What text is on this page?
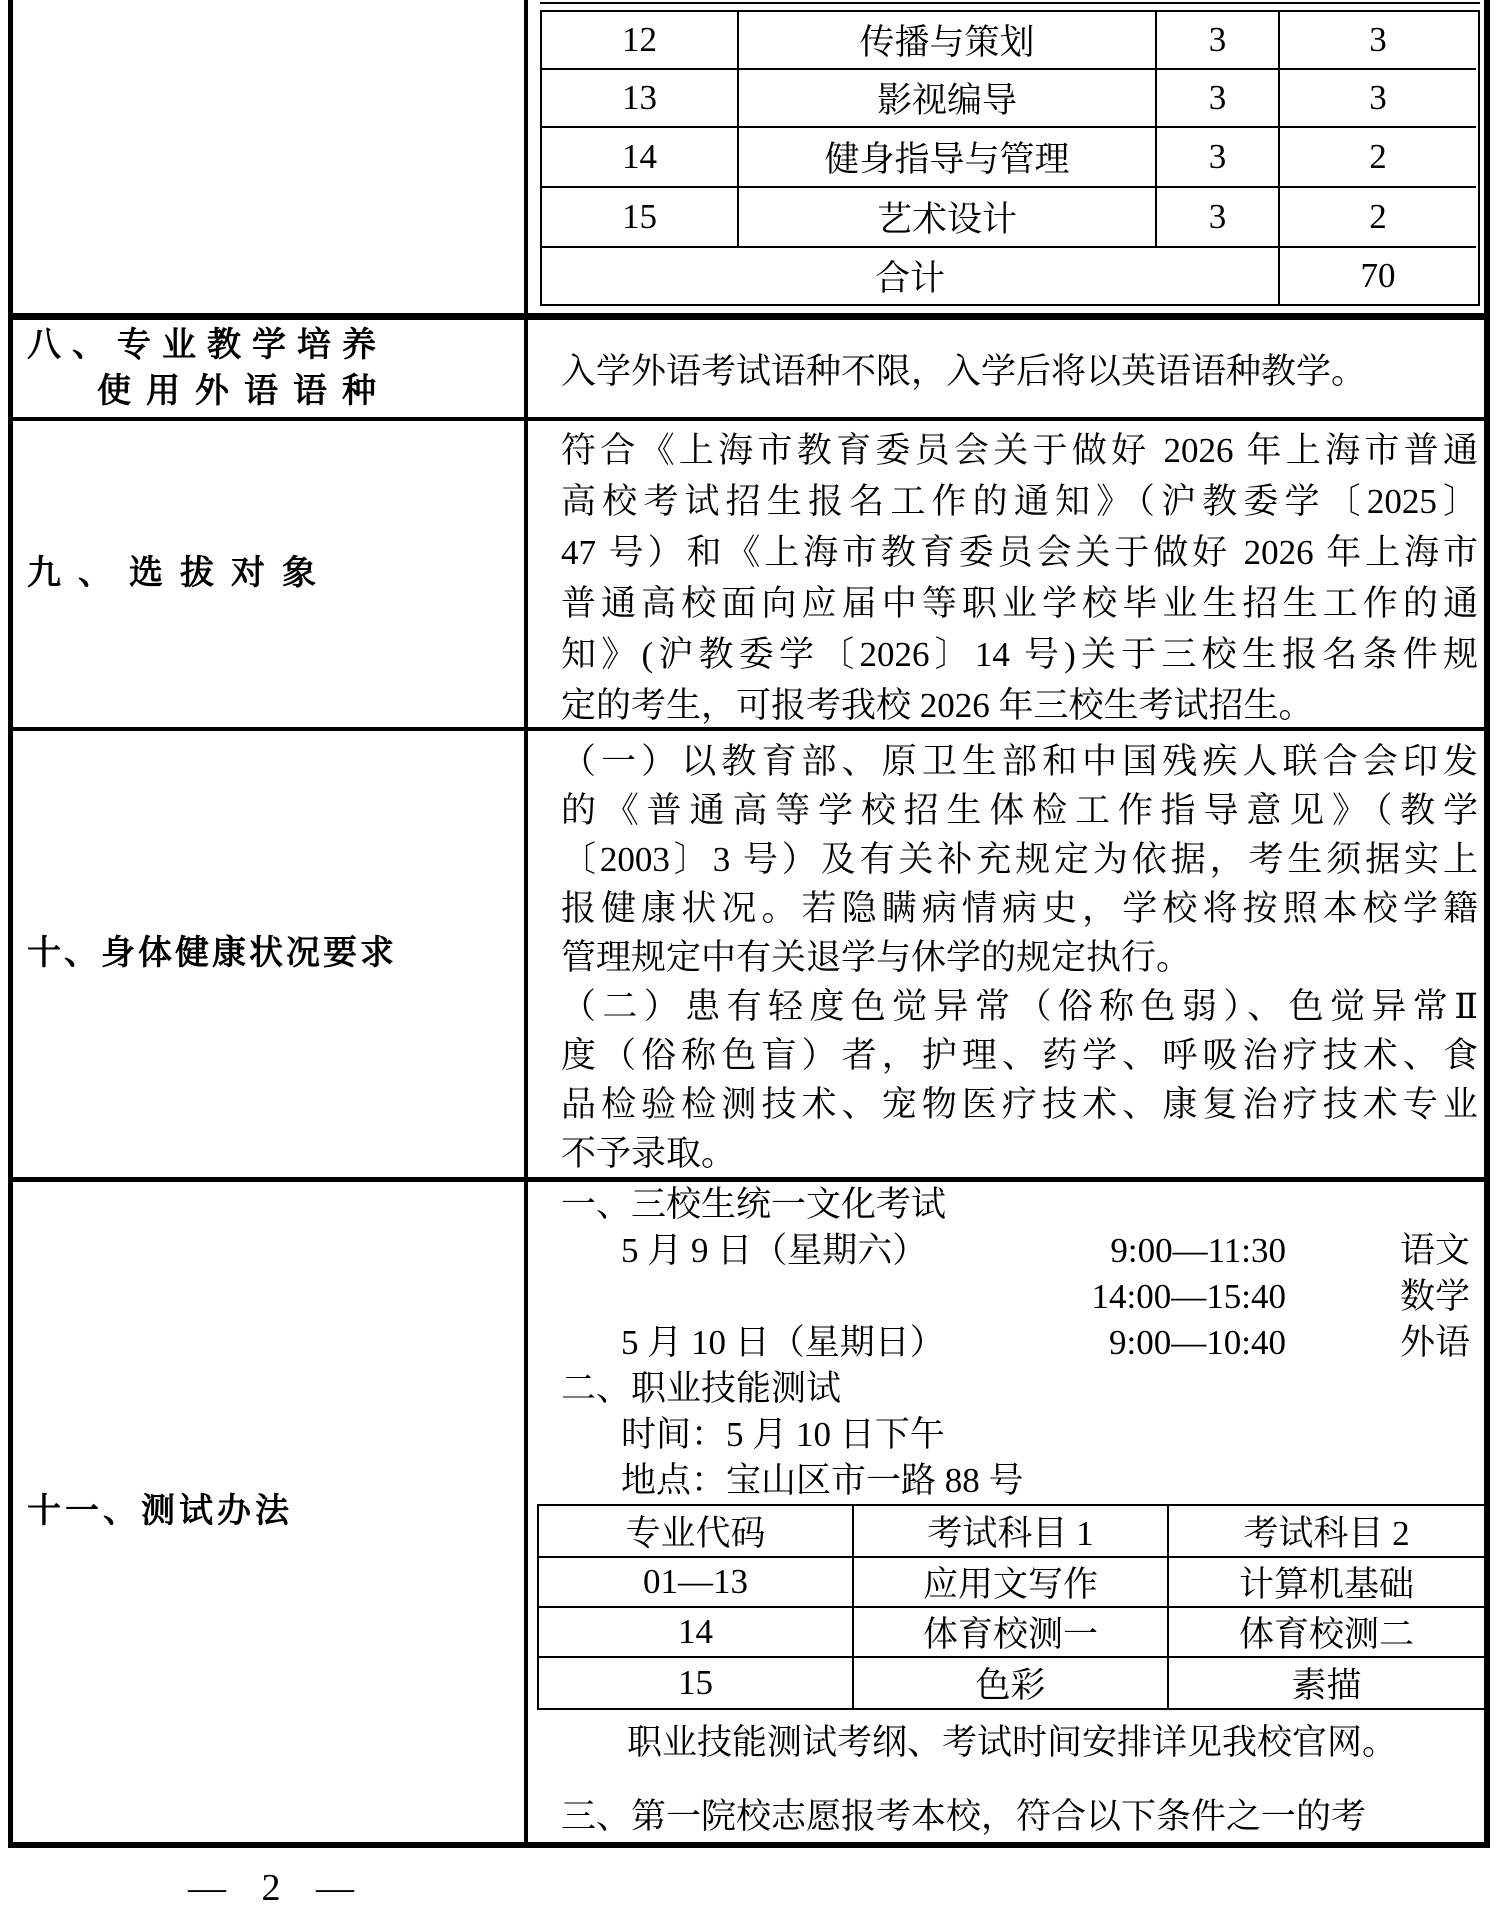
12	传播与策划	3	3
13	影视编导	3	3
14	健身指导与管理	3	2
15	艺术设计	3	2
合计	70
八、专业教学培养
使用外语语种
入学外语考试语种不限，入学后将以英语语种教学。
九、选拔对象
符合《上海市教育委员会关于做好 2026 年上海市普通
高校考试招生报名工作的通知》（沪教委学〔2025〕
47 号）和《上海市教育委员会关于做好 2026 年上海市
普通高校面向应届中等职业学校毕业生招生工作的通
知》(沪教委学〔2026〕14 号)关于三校生报名条件规
定的考生，可报考我校 2026 年三校生考试招生。
十、身体健康状况要求
（一）以教育部、原卫生部和中国残疾人联合会印发
的《普通高等学校招生体检工作指导意见》（教学
〔2003〕3 号）及有关补充规定为依据，考生须据实上
报健康状况。若隐瞒病情病史，学校将按照本校学籍
管理规定中有关退学与休学的规定执行。
（二）患有轻度色觉异常（俗称色弱）、色觉异常Ⅱ
度（俗称色盲）者，护理、药学、呼吸治疗技术、食
品检验检测技术、宠物医疗技术、康复治疗技术专业
不予录取。
十一、测试办法
一、三校生统一文化考试
5 月 9 日（星期六）	9:00—11:30	语文
14:00—15:40	数学
5 月 10 日（星期日）	9:00—10:40	外语
二、职业技能测试
时间：5 月 10 日下午
地点：宝山区市一路 88 号
专业代码	考试科目 1	考试科目 2
01—13	应用文写作	计算机基础
14	体育校测一	体育校测二
15	色彩	素描
职业技能测试考纲、考试时间安排详见我校官网。
三、第一院校志愿报考本校，符合以下条件之一的考
— 2 —
